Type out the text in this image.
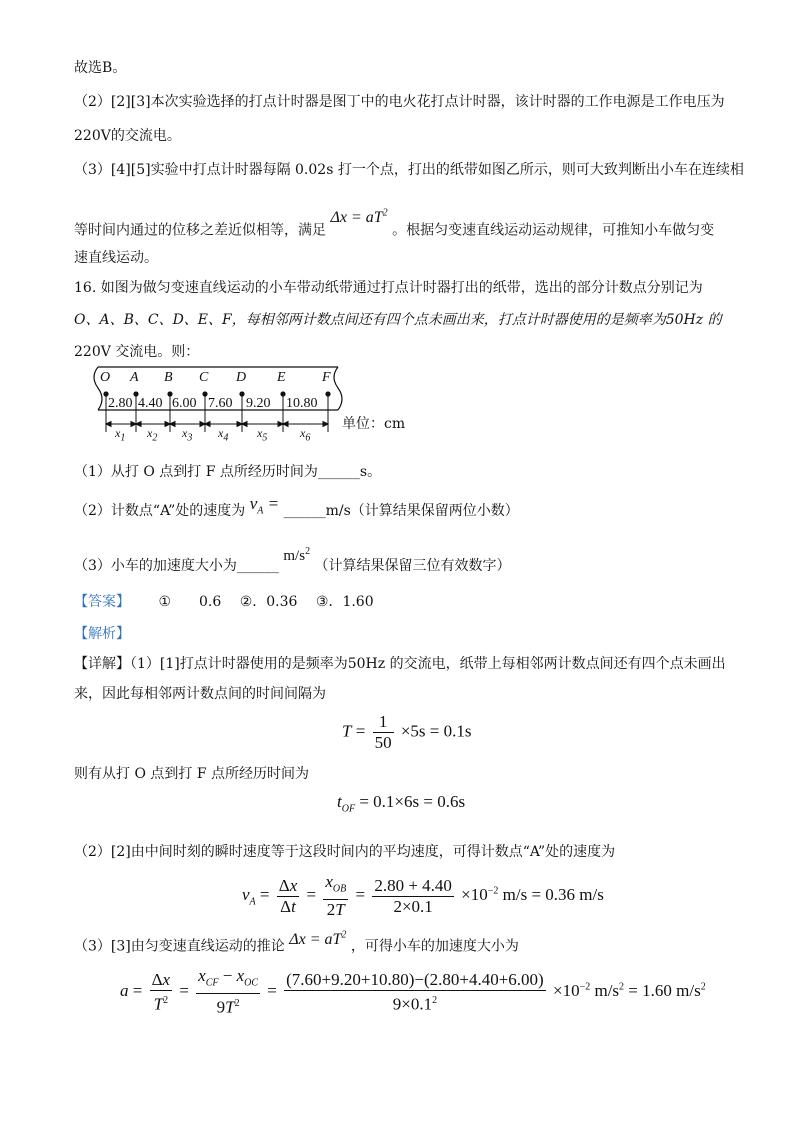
故选B。
（2）[2][3]本次实验选择的打点计时器是图丁中的电火花打点计时器，该计时器的工作电源是工作电压为
220V的交流电。
（3）[4][5]实验中打点计时器每隔 0.02s 打一个点，打出的纸带如图乙所示，则可大致判断出小车在连续相
等时间内通过的位移之差近似相等，满足 $\Delta x = aT^2$ 。根据匀变速直线运动运动规律，可推知小车做匀变
速直线运动。
16. 如图为做匀变速直线运动的小车带动纸带通过打点计时器打出的纸带，选出的部分计数点分别记为
O、A、B、C、D、E、F，每相邻两计数点间还有四个点未画出来，打点计时器使用的是频率为50Hz 的
220V 交流电。则：
O A B C D E	F
2.80 4.40 6.00 7.60 9.20 10.80
$x_1$ $x_2$ $x_3$ $x_4$ $x_5$	$x_6$
单位：cm
（1）从打 O 点到打 F 点所经历时间为______s。
（2）计数点“A”处的速度为 $v_A$ = ______m/s（计算结果保留两位小数）
（3）小车的加速度大小为______ $m/s^2$ （计算结果保留三位有效数字）
【答案】 ①　　0.6　 ②．0.36　 ③．1.60
【解析】
【详解】（1）[1]打点计时器使用的是频率为50Hz 的交流电，纸带上每相邻两计数点间还有四个点未画出
来，因此每相邻两计数点间的时间间隔为
$T = \frac{1}{50} \times 5s = 0.1s$
则有从打 O 点到打 F 点所经历时间为
$t_{OF} = 0.1\times 6s = 0.6s$
（2）[2]由中间时刻的瞬时速度等于这段时间内的平均速度，可得计数点“A”处的速度为
$v_A = \frac{\Delta x}{\Delta t} = \frac{x_{OB}}{2T} = \frac{2.80 + 4.40}{2\times 0.1} \times 10^{-2}$ m/s = 0.36 m/s
（3）[3]由匀变速直线运动的推论 $\Delta x = aT^2$ ，可得小车的加速度大小为
$a = \frac{\Delta x}{T^2} = \frac{x_{CF} - x_{OC}}{9T^2} = \frac{(7.60+9.20+10.80)-(2.80+4.40+6.00)}{9\times 0.1^2} \times 10^{-2}$ $m/s^2 = 1.60$ $m/s^2$
